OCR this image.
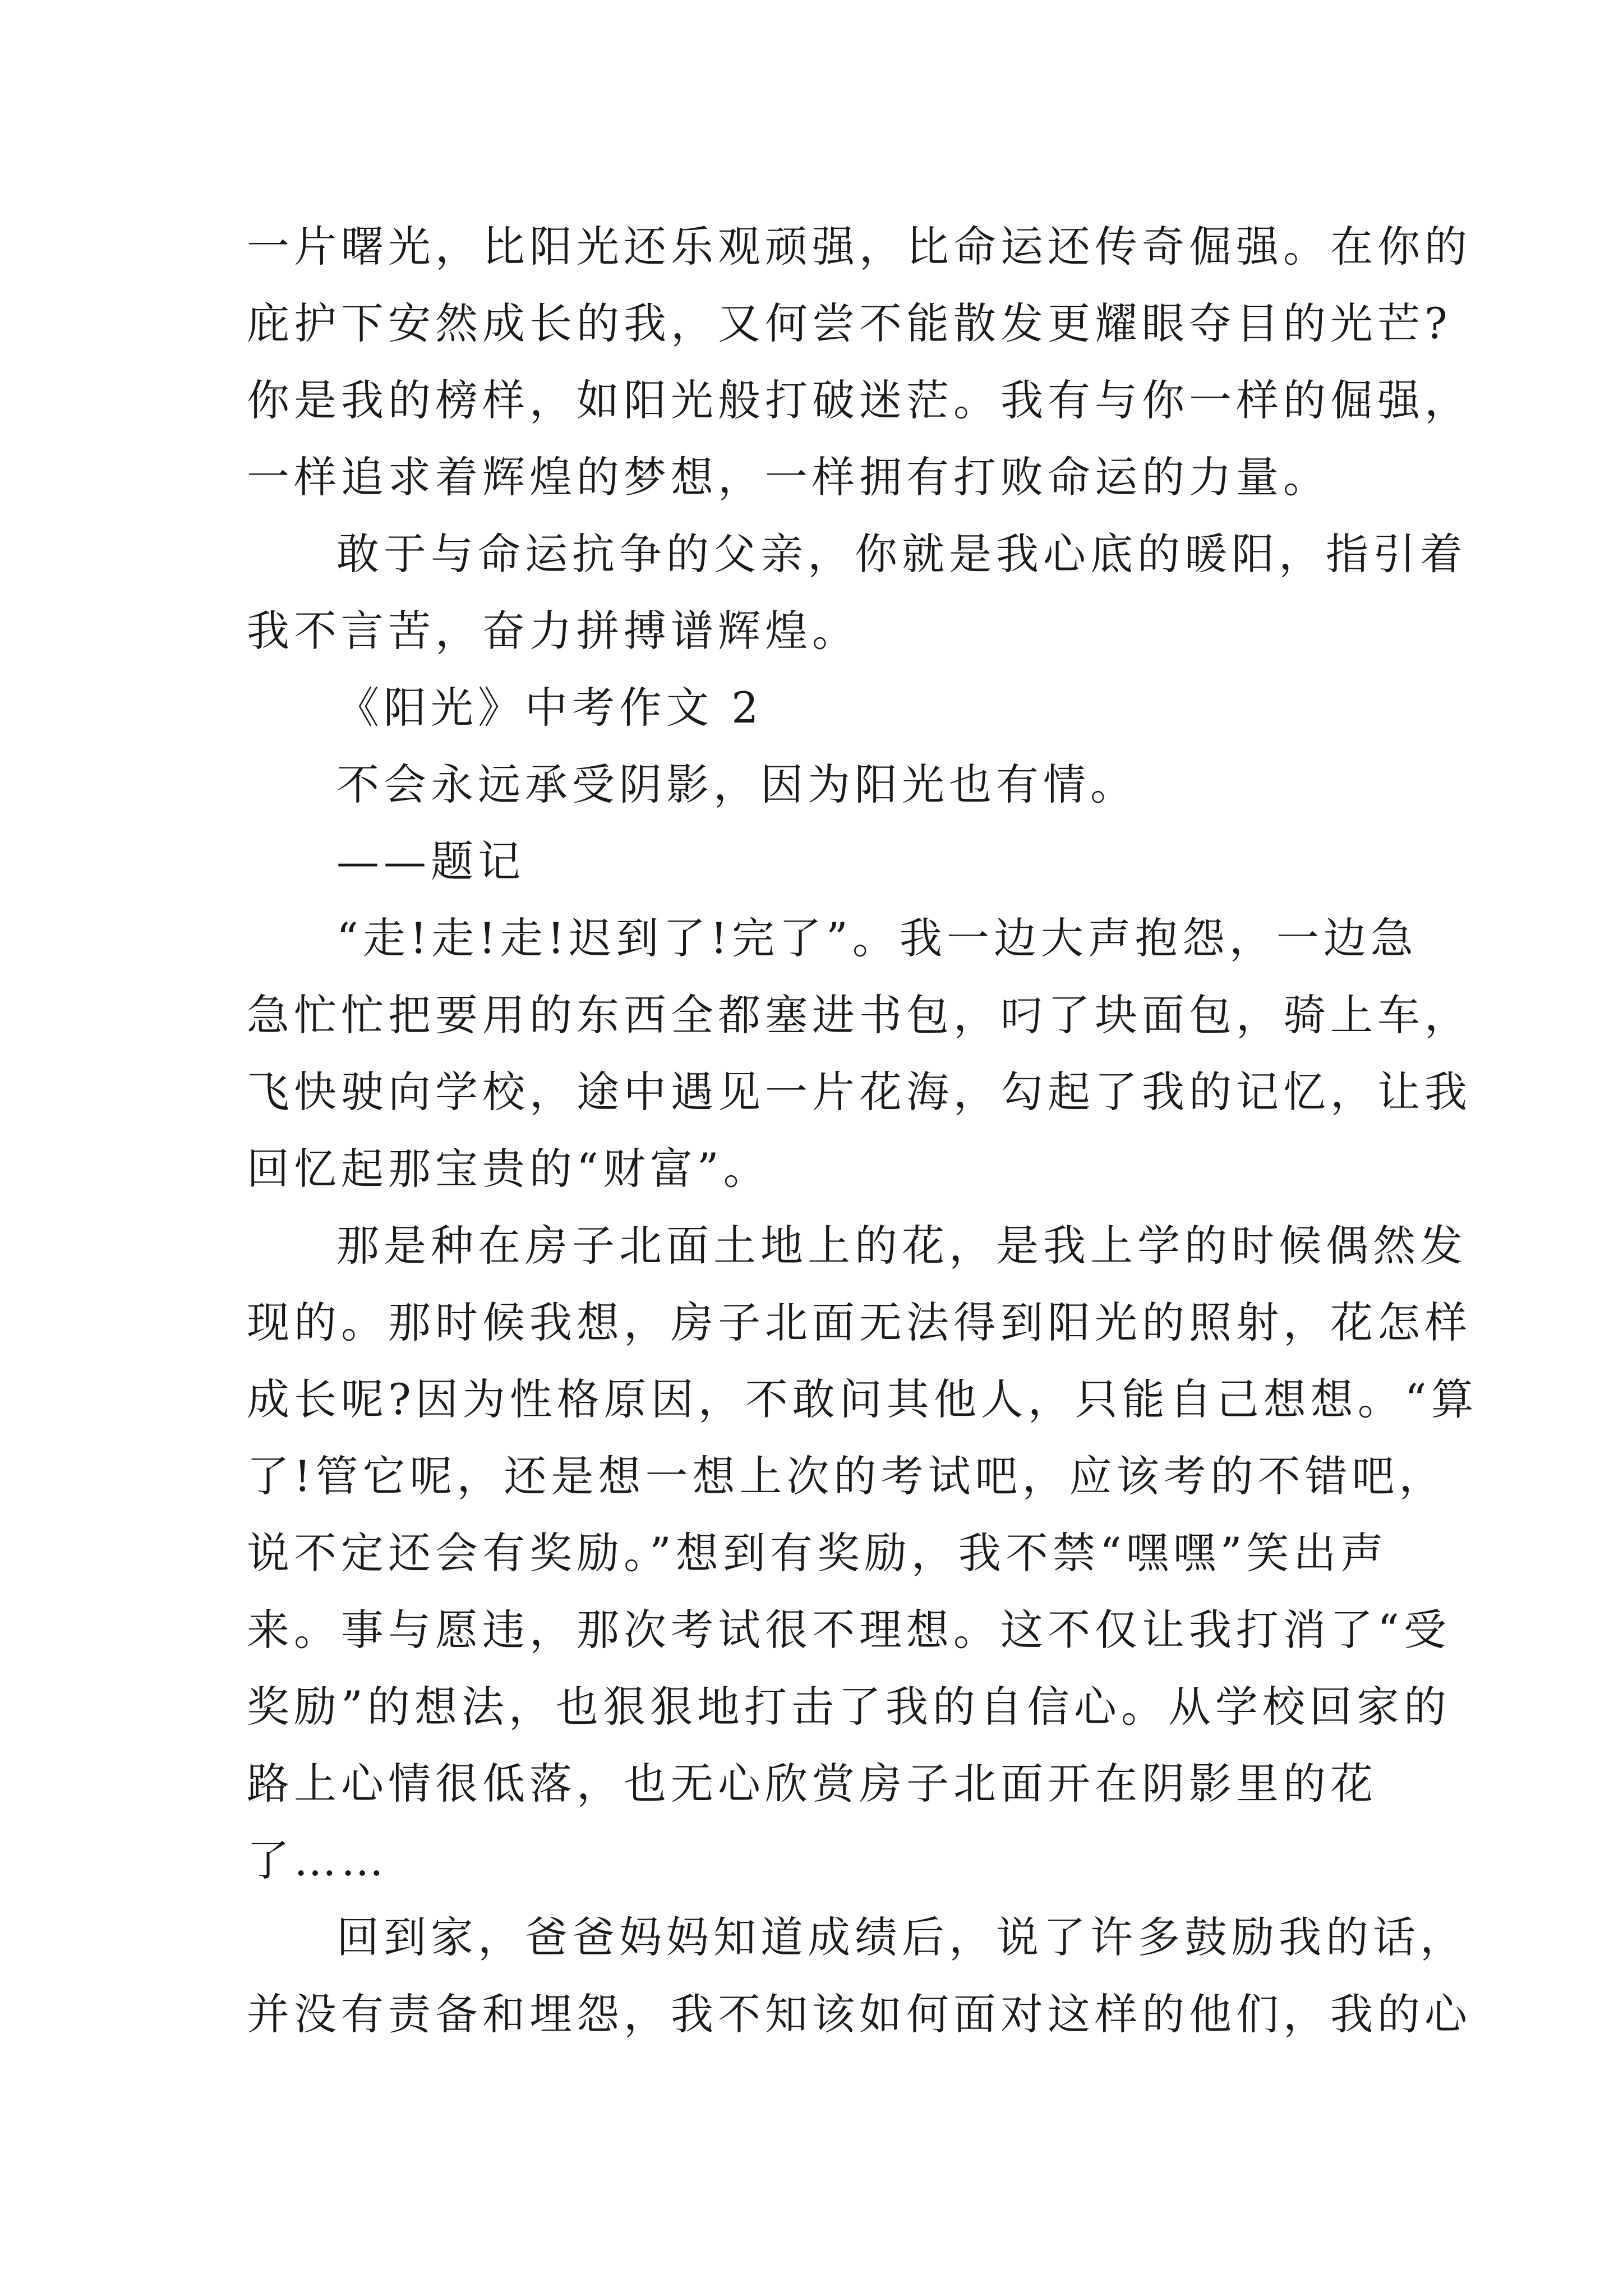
一片曙光，比阳光还乐观顽强，比命运还传奇倔强。在你的
庇护下安然成长的我，又何尝不能散发更耀眼夺目的光芒?
你是我的榜样，如阳光般打破迷茫。我有与你一样的倔强，
一样追求着辉煌的梦想，一样拥有打败命运的力量。
敢于与命运抗争的父亲，你就是我心底的暖阳，指引着
我不言苦，奋力拼搏谱辉煌。
《阳光》中考作文 2
不会永远承受阴影，因为阳光也有情。
——题记
“走!走!走!迟到了!完了”。我一边大声抱怨，一边急
急忙忙把要用的东西全都塞进书包，叼了块面包，骑上车，
飞快驶向学校，途中遇见一片花海，勾起了我的记忆，让我
回忆起那宝贵的“财富”。
那是种在房子北面土地上的花，是我上学的时候偶然发
现的。那时候我想，房子北面无法得到阳光的照射，花怎样
成长呢?因为性格原因，不敢问其他人，只能自己想想。“算
了!管它呢，还是想一想上次的考试吧，应该考的不错吧，
说不定还会有奖励。”想到有奖励，我不禁“嘿嘿”笑出声
来。事与愿违，那次考试很不理想。这不仅让我打消了“受
奖励”的想法，也狠狠地打击了我的自信心。从学校回家的
路上心情很低落，也无心欣赏房子北面开在阴影里的花
了……
回到家，爸爸妈妈知道成绩后，说了许多鼓励我的话，
并没有责备和埋怨，我不知该如何面对这样的他们，我的心
